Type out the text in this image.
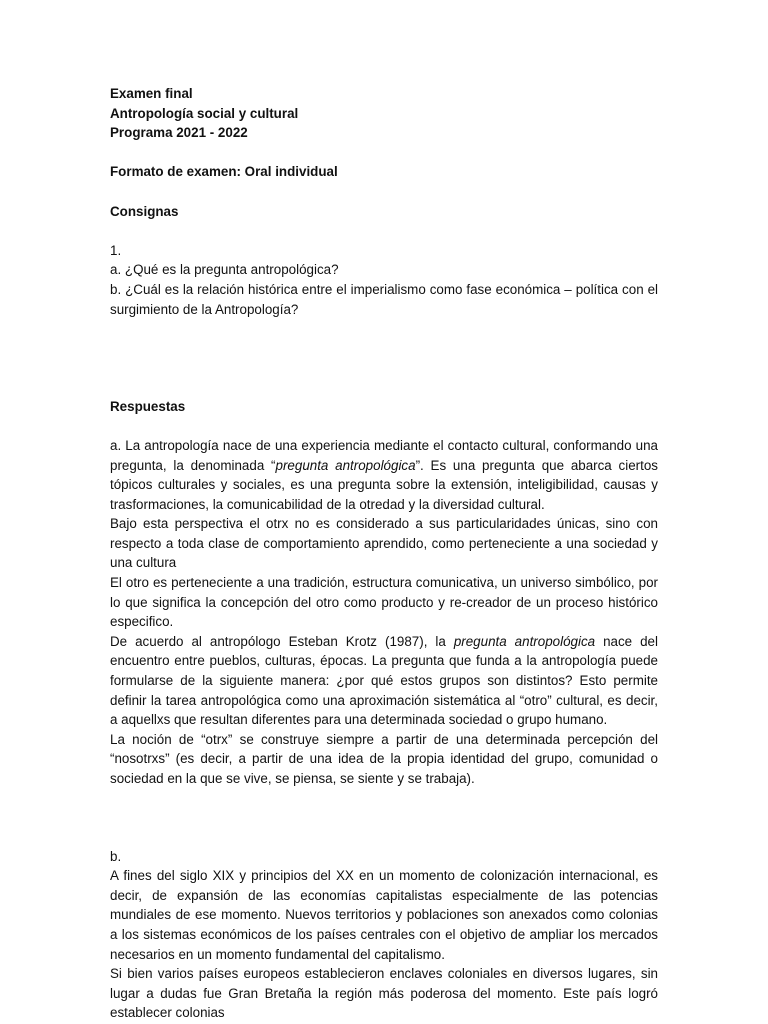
Examen final

Antropología social y cultural

Programa 2021 - 2022

Formato de examen: Oral individual

Consignas

1.

a. ¿Qué es la pregunta antropológica?

b. ¿Cuál es la relación histórica entre el imperialismo como fase económica – política con el surgimiento de la Antropología?

Respuestas

a. La antropología nace de una experiencia mediante el contacto cultural, conformando una pregunta, la denominada “pregunta antropológica”. Es una pregunta que abarca ciertos tópicos culturales y sociales, es una pregunta sobre la extensión, inteligibilidad, causas y trasformaciones, la comunicabilidad de la otredad y la diversidad cultural.

Bajo esta perspectiva el otrx no es considerado a sus particularidades únicas, sino con respecto a toda clase de comportamiento aprendido, como perteneciente a una sociedad y una cultura

El otro es perteneciente a una tradición, estructura comunicativa, un universo simbólico, por lo que significa la concepción del otro como producto y re-creador de un proceso histórico especifico.

De acuerdo al antropólogo Esteban Krotz (1987), la pregunta antropológica nace del encuentro entre pueblos, culturas, épocas. La pregunta que funda a la antropología puede formularse de la siguiente manera: ¿por qué estos grupos son distintos? Esto permite definir la tarea antropológica como una aproximación sistemática al “otro” cultural, es decir, a aquellxs que resultan diferentes para una determinada sociedad o grupo humano.

La noción de “otrx” se construye siempre a partir de una determinada percepción del “nosotrxs” (es decir, a partir de una idea de la propia identidad del grupo, comunidad o sociedad en la que se vive, se piensa, se siente y se trabaja).

b.

A fines del siglo XIX y principios del XX en un momento de colonización internacional, es decir, de expansión de las economías capitalistas especialmente de las potencias mundiales de ese momento. Nuevos territorios y poblaciones son anexados como colonias a los sistemas económicos de los países centrales con el objetivo de ampliar los mercados necesarios en un momento fundamental del capitalismo.

Si bien varios países europeos establecieron enclaves coloniales en diversos lugares, sin lugar a dudas fue Gran Bretaña la región más poderosa del momento. Este país logró establecer colonias
